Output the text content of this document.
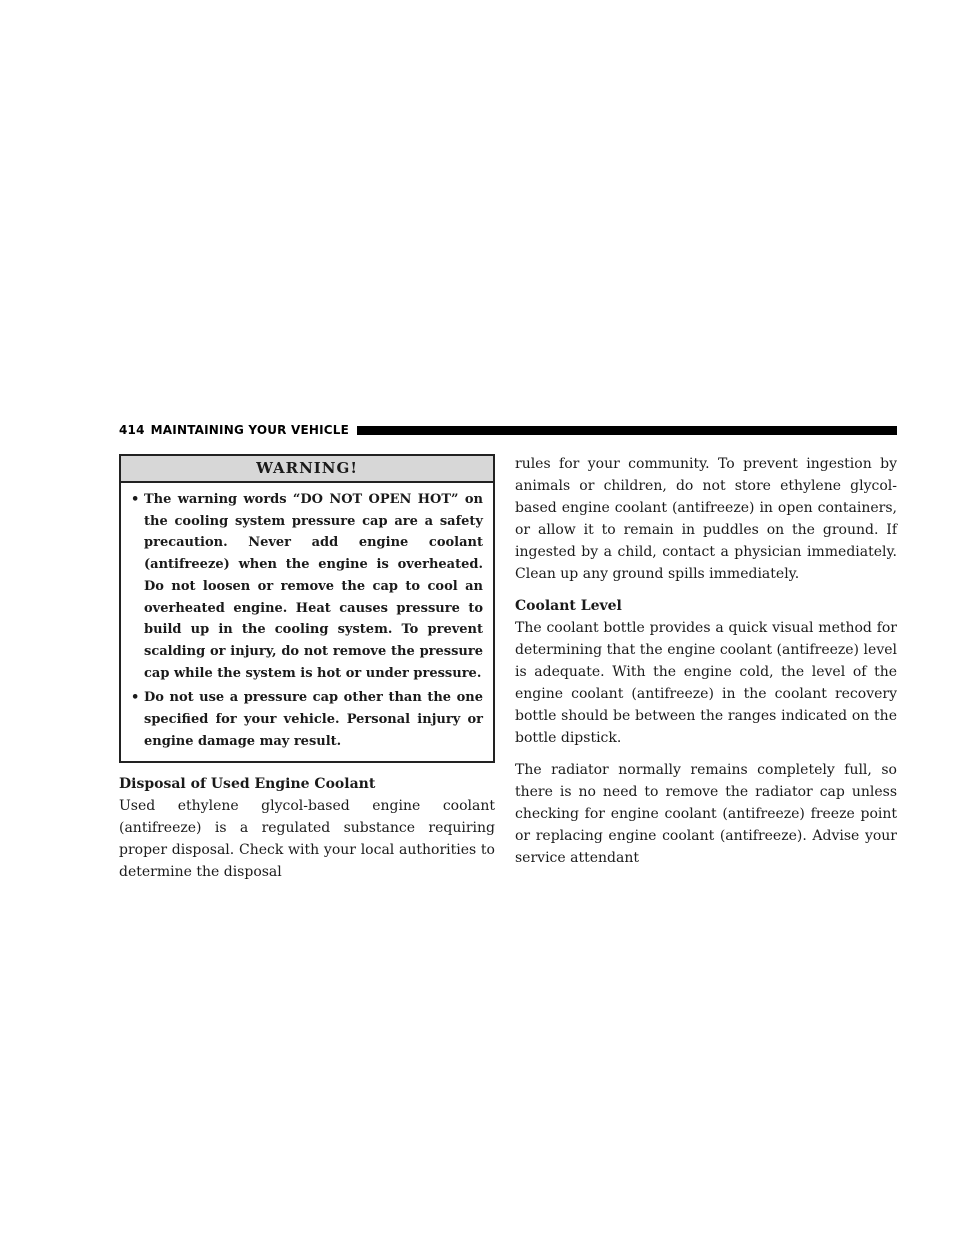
414 MAINTAINING YOUR VEHICLE
WARNING!
• The warning words “DO NOT OPEN HOT” on the cooling system pressure cap are a safety precaution. Never add engine coolant (antifreeze) when the engine is overheated. Do not loosen or remove the cap to cool an overheated engine. Heat causes pressure to build up in the cooling system. To prevent scalding or injury, do not remove the pressure cap while the system is hot or under pressure.
• Do not use a pressure cap other than the one specified for your vehicle. Personal injury or engine damage may result.
Disposal of Used Engine Coolant

Used ethylene glycol-based engine coolant (antifreeze) is a regulated substance requiring proper disposal. Check with your local authorities to determine the disposal

rules for your community. To prevent ingestion by animals or children, do not store ethylene glycol-based engine coolant (antifreeze) in open containers, or allow it to remain in puddles on the ground. If ingested by a child, contact a physician immediately. Clean up any ground spills immediately.

Coolant Level

The coolant bottle provides a quick visual method for determining that the engine coolant (antifreeze) level is adequate. With the engine cold, the level of the engine coolant (antifreeze) in the coolant recovery bottle should be between the ranges indicated on the bottle dipstick.

The radiator normally remains completely full, so there is no need to remove the radiator cap unless checking for engine coolant (antifreeze) freeze point or replacing engine coolant (antifreeze). Advise your service attendant
